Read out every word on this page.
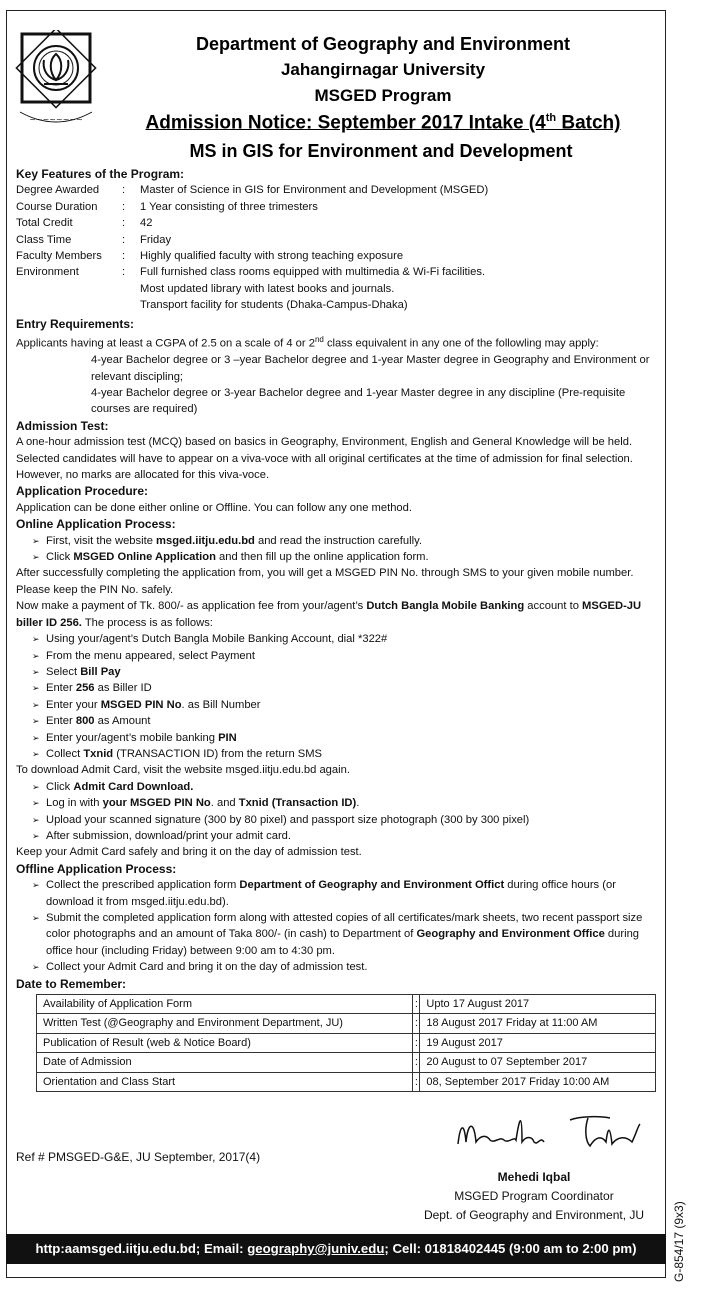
~~~~~~~~
Department of Geography and Environment
Jahangirnagar University
MSGED Program
Admission Notice: September 2017 Intake (4th Batch)
MS in GIS for Environment and Development
Key Features of the Program:
Degree Awarded	:	Master of Science in GIS for Environment and Development (MSGED)
Course Duration	:	1 Year consisting of three trimesters
Total Credit	:	42
Class Time	:	Friday
Faculty Members	:	Highly qualified faculty with strong teaching exposure
Environment	:	Full furnished class rooms equipped with multimedia & Wi-Fi facilities.
Most updated library with latest books and journals.
Transport facility for students (Dhaka-Campus-Dhaka)
Entry Requirements:
Applicants having at least a CGPA of 2.5 on a scale of 4 or 2nd class equivalent in any one of the followling may apply:
4-year Bachelor degree or 3 –year Bachelor degree and 1-year Master degree in Geography and Environment or relevant discipling;
4-year Bachelor degree or 3-year Bachelor degree and 1-year Master degree in any discipline (Pre-requisite courses are required)
Admission Test:
A one-hour admission test (MCQ) based on basics in Geography, Environment, English and General Knowledge will be held.
Selected candidates will have to appear on a viva-voce with all original certificates at the time of admission for final selection.
However, no marks are allocated for this viva-voce.
Application Procedure:
Application can be done either online or Offline. You can follow any one method.
Online Application Process:
➢ First, visit the website msged.iitju.edu.bd and read the instruction carefully.
➢ Click MSGED Online Application and then fill up the online application form.
After successfully completing the application from, you will get a MSGED PIN No. through SMS to your given mobile number. Please keep the PIN No. safely.
Now make a payment of Tk. 800/- as application fee from your/agent’s Dutch Bangla Mobile Banking account to MSGED-JU biller ID 256. The process is as follows:
➢ Using your/agent’s Dutch Bangla Mobile Banking Account, dial *322#
➢ From the menu appeared, select Payment
➢ Select Bill Pay
➢ Enter 256 as Biller ID
➢ Enter your MSGED PIN No. as Bill Number
➢ Enter 800 as Amount
➢ Enter your/agent’s mobile banking PIN
➢ Collect Txnid (TRANSACTION ID) from the return SMS
To download Admit Card, visit the website msged.iitju.edu.bd again.
➢ Click Admit Card Download.
➢ Log in with your MSGED PIN No. and Txnid (Transaction ID).
➢ Upload your scanned signature (300 by 80 pixel) and passport size photograph (300 by 300 pixel)
➢ After submission, download/print your admit card.
Keep your Admit Card safely and bring it on the day of admission test.
Offline Application Process:
➢ Collect the prescribed application form Department of Geography and Environment Offict during office hours (or download it from msged.iitju.edu.bd).
➢ Submit the completed application form along with attested copies of all certificates/mark sheets, two recent passport size color photographs and an amount of Taka 800/- (in cash) to Department of Geography and Environment Office during office hour (including Friday) between 9:00 am to 4:30 pm.
➢ Collect your Admit Card and bring it on the day of admission test.
Date to Remember:
Availability of Application Form	:	Upto 17 August 2017
Written Test (@Geography and Environment Department, JU)	:	18 August 2017 Friday at 11:00 AM
Publication of Result (web & Notice Board)	:	19 August 2017
Date of Admission	:	20 August to 07 September 2017
Orientation and Class Start	:	08, September 2017 Friday 10:00 AM
Ref # PMSGED-G&E, JU September, 2017(4)
Mehedi Iqbal
MSGED Program Coordinator
Dept. of Geography and Environment, JU
http:aamsged.iitju.edu.bd; Email: geography@juniv.edu; Cell: 01818402445 (9:00 am to 2:00 pm)	G-854/17 (9x3)
